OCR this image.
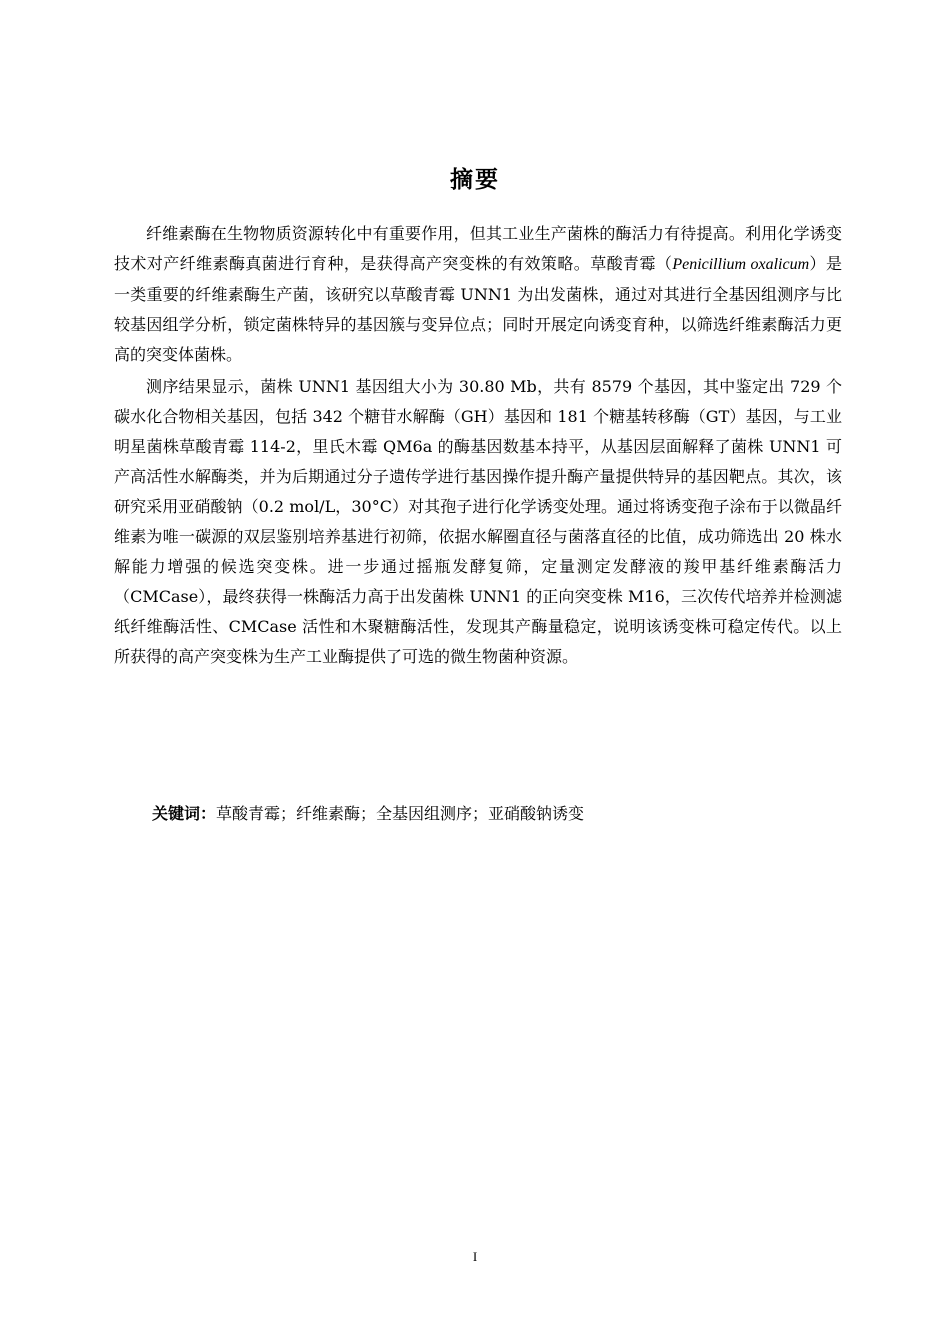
摘要

纤维素酶在生物物质资源转化中有重要作用，但其工业生产菌株的酶活力有待提高。利用化学诱变技术对产纤维素酶真菌进行育种，是获得高产突变株的有效策略。草酸青霉（Penicillium oxalicum）是一类重要的纤维素酶生产菌，该研究以草酸青霉 UNN1 为出发菌株，通过对其进行全基因组测序与比较基因组学分析，锁定菌株特异的基因簇与变异位点；同时开展定向诱变育种，以筛选纤维素酶活力更高的突变体菌株。

测序结果显示，菌株 UNN1 基因组大小为 30.80 Mb，共有 8579 个基因，其中鉴定出 729 个碳水化合物相关基因，包括 342 个糖苷水解酶（GH）基因和 181 个糖基转移酶（GT）基因，与工业明星菌株草酸青霉 114-2，里氏木霉 QM6a 的酶基因数基本持平，从基因层面解释了菌株 UNN1 可产高活性水解酶类，并为后期通过分子遗传学进行基因操作提升酶产量提供特异的基因靶点。其次，该研究采用亚硝酸钠（0.2 mol/L，30°C）对其孢子进行化学诱变处理。通过将诱变孢子涂布于以微晶纤维素为唯一碳源的双层鉴别培养基进行初筛，依据水解圈直径与菌落直径的比值，成功筛选出 20 株水解能力增强的候选突变株。进一步通过摇瓶发酵复筛，定量测定发酵液的羧甲基纤维素酶活力（CMCase），最终获得一株酶活力高于出发菌株 UNN1 的正向突变株 M16，三次传代培养并检测滤纸纤维酶活性、CMCase 活性和木聚糖酶活性，发现其产酶量稳定，说明该诱变株可稳定传代。以上所获得的高产突变株为生产工业酶提供了可选的微生物菌种资源。

关键词：草酸青霉；纤维素酶；全基因组测序；亚硝酸钠诱变
I
